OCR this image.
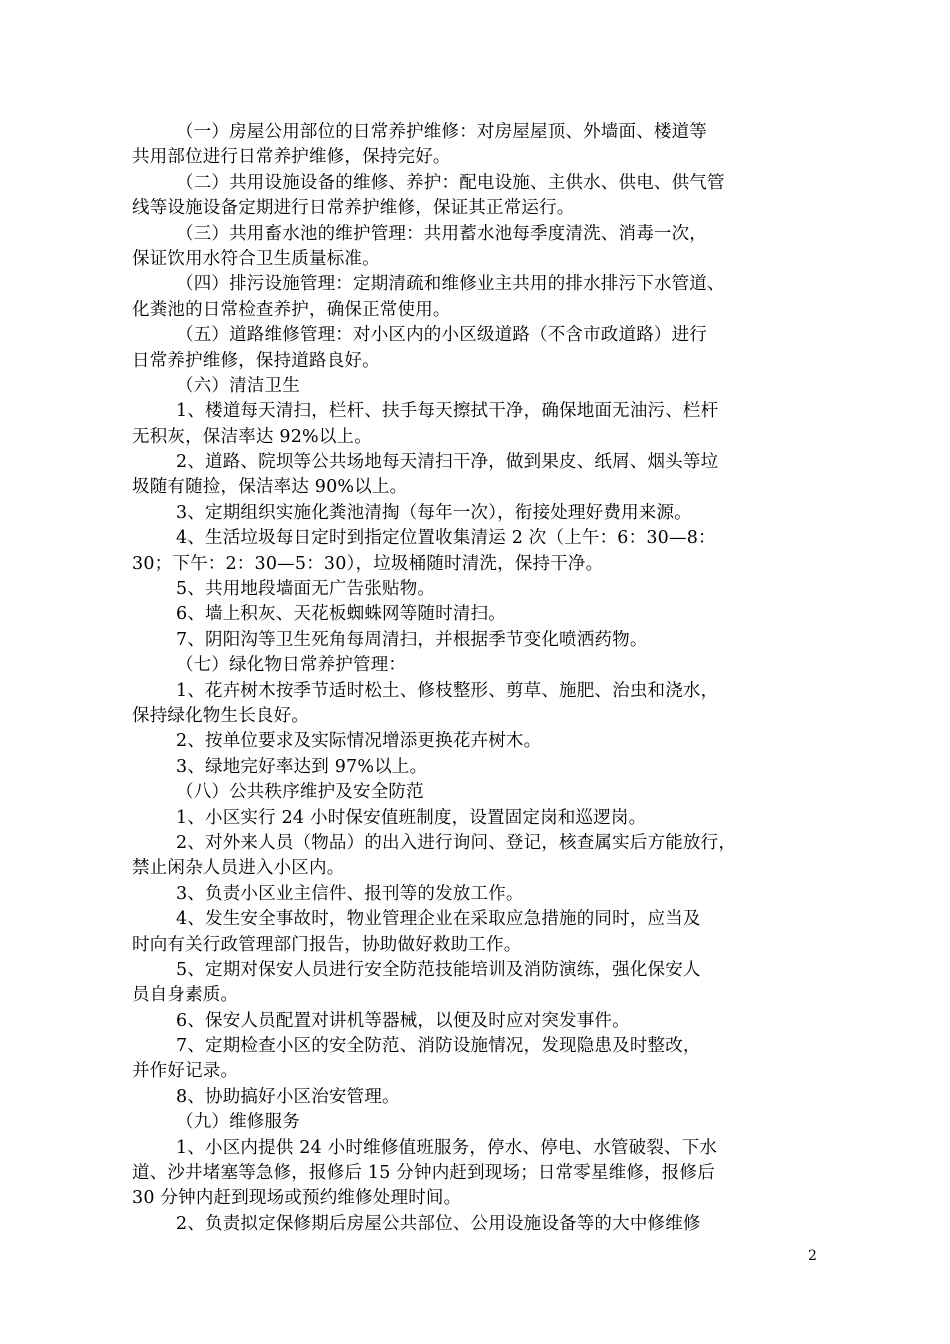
（一）房屋公用部位的日常养护维修：对房屋屋顶、外墙面、楼道等
共用部位进行日常养护维修，保持完好。
（二）共用设施设备的维修、养护：配电设施、主供水、供电、供气管
线等设施设备定期进行日常养护维修，保证其正常运行。
（三）共用畜水池的维护管理：共用蓄水池每季度清洗、消毒一次，
保证饮用水符合卫生质量标准。
（四）排污设施管理：定期清疏和维修业主共用的排水排污下水管道、
化粪池的日常检查养护，确保正常使用。
（五）道路维修管理：对小区内的小区级道路（不含市政道路）进行
日常养护维修，保持道路良好。
（六）清洁卫生
1、楼道每天清扫，栏杆、扶手每天擦拭干净，确保地面无油污、栏杆
无积灰，保洁率达 92%以上。
2、道路、院坝等公共场地每天清扫干净，做到果皮、纸屑、烟头等垃
圾随有随捡，保洁率达 90%以上。
3、定期组织实施化粪池清掏（每年一次），衔接处理好费用来源。
4、生活垃圾每日定时到指定位置收集清运 2 次（上午：6：30—8：
30；下午：2：30—5：30），垃圾桶随时清洗，保持干净。
5、共用地段墙面无广告张贴物。
6、墙上积灰、天花板蜘蛛网等随时清扫。
7、阴阳沟等卫生死角每周清扫，并根据季节变化喷洒药物。
（七）绿化物日常养护管理：
1、花卉树木按季节适时松土、修枝整形、剪草、施肥、治虫和浇水，
保持绿化物生长良好。
2、按单位要求及实际情况增添更换花卉树木。
3、绿地完好率达到 97%以上。
（八）公共秩序维护及安全防范
1、小区实行 24 小时保安值班制度，设置固定岗和巡逻岗。
2、对外来人员（物品）的出入进行询问、登记，核查属实后方能放行，
禁止闲杂人员进入小区内。
3、负责小区业主信件、报刊等的发放工作。
4、发生安全事故时，物业管理企业在采取应急措施的同时，应当及
时向有关行政管理部门报告，协助做好救助工作。
5、定期对保安人员进行安全防范技能培训及消防演练，强化保安人
员自身素质。
6、保安人员配置对讲机等器械，以便及时应对突发事件。
7、定期检查小区的安全防范、消防设施情况，发现隐患及时整改，
并作好记录。
8、协助搞好小区治安管理。
（九）维修服务
1、小区内提供 24 小时维修值班服务，停水、停电、水管破裂、下水
道、沙井堵塞等急修，报修后 15 分钟内赶到现场；日常零星维修，报修后
30 分钟内赶到现场或预约维修处理时间。
2、负责拟定保修期后房屋公共部位、公用设施设备等的大中修维修
2
